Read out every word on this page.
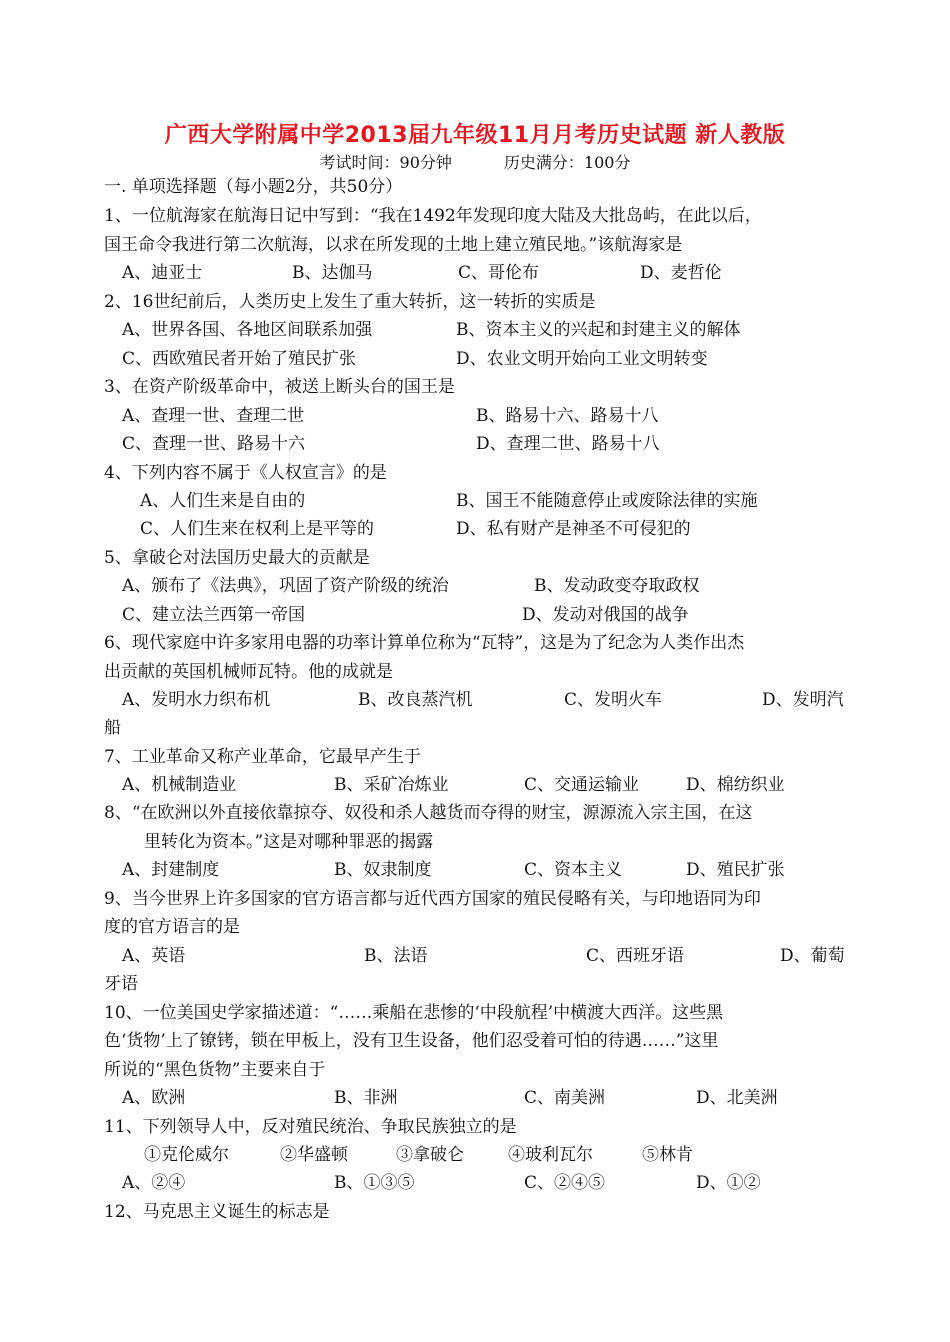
广西大学附属中学2013届九年级11月月考历史试题 新人教版
考试时间：90分钟	历史满分：100分
一. 单项选择题（每小题2分，共50分）
1、一位航海家在航海日记中写到：“我在1492年发现印度大陆及大批岛屿，在此以后，
国王命令我进行第二次航海，以求在所发现的土地上建立殖民地。”该航海家是
A、迪亚士	B、达伽马	C、哥伦布	D、麦哲伦
2、16世纪前后，人类历史上发生了重大转折，这一转折的实质是
A、世界各国、各地区间联系加强	B、资本主义的兴起和封建主义的解体
C、西欧殖民者开始了殖民扩张	D、农业文明开始向工业文明转变
3、在资产阶级革命中，被送上断头台的国王是
A、查理一世、查理二世	B、路易十六、路易十八
C、查理一世、路易十六	D、查理二世、路易十八
4、下列内容不属于《人权宣言》的是
A、人们生来是自由的	B、国王不能随意停止或废除法律的实施
C、人们生来在权利上是平等的	D、私有财产是神圣不可侵犯的
5、拿破仑对法国历史最大的贡献是
A、颁布了《法典》，巩固了资产阶级的统治	B、发动政变夺取政权
C、建立法兰西第一帝国	D、发动对俄国的战争
6、现代家庭中许多家用电器的功率计算单位称为“瓦特”，这是为了纪念为人类作出杰
出贡献的英国机械师瓦特。他的成就是
A、发明水力织布机	B、改良蒸汽机	C、发明火车	D、发明汽
船
7、工业革命又称产业革命，它最早产生于
A、机械制造业	B、采矿冶炼业	C、交通运输业	D、棉纺织业
8、“在欧洲以外直接依靠掠夺、奴役和杀人越货而夺得的财宝，源源流入宗主国，在这
里转化为资本。”这是对哪种罪恶的揭露
A、封建制度	B、奴隶制度	C、资本主义	D、殖民扩张
9、当今世界上许多国家的官方语言都与近代西方国家的殖民侵略有关，与印地语同为印
度的官方语言的是
A、英语	B、法语	C、西班牙语	D、葡萄
牙语
10、一位美国史学家描述道：“……乘船在悲惨的‘中段航程’中横渡大西洋。这些黑
色‘货物’上了镣铐，锁在甲板上，没有卫生设备，他们忍受着可怕的待遇……”这里
所说的“黑色货物”主要来自于
A、欧洲	B、非洲	C、南美洲	D、北美洲
11、下列领导人中，反对殖民统治、争取民族独立的是
①克伦威尔	②华盛顿	③拿破仑	④玻利瓦尔	⑤林肯
A、②④	B、①③⑤	C、②④⑤	D、①②
12、马克思主义诞生的标志是
